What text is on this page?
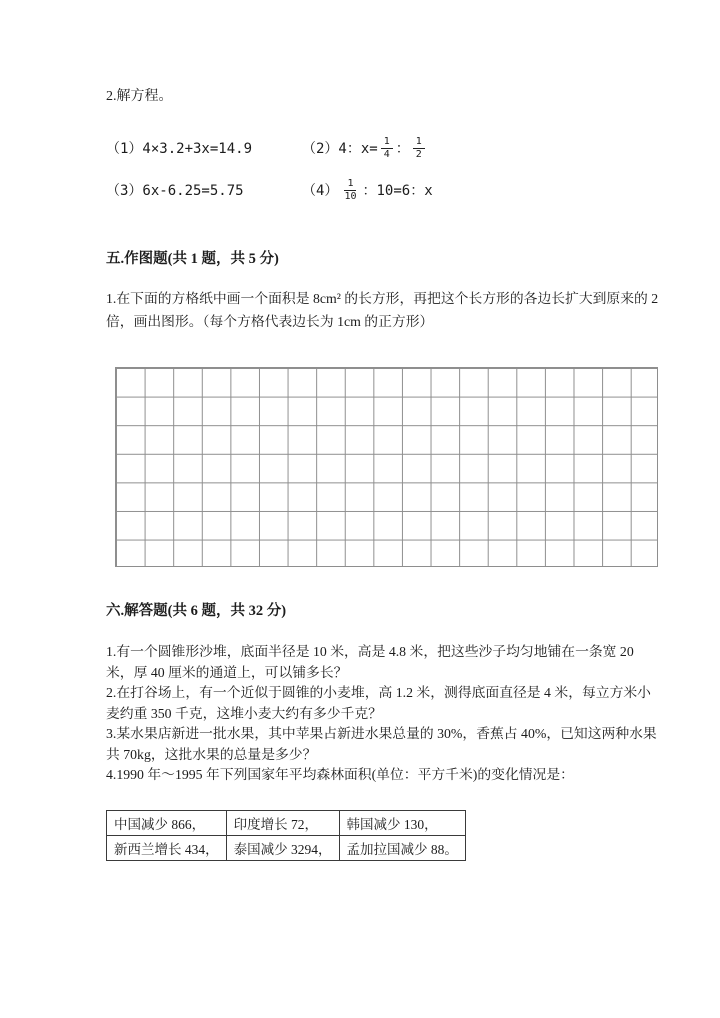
2.解方程。
（1）4×3.2+3x=14.9	（2）4：$x= \frac{1}{4}$ ： $\frac{1}{2}$
（3）6x-6.25=5.75	$(4) \frac{1}{10}$ ：10=6：x
五.作图题(共 1 题，共 5 分)

1.在下面的方格纸中画一个面积是 8cm² 的长方形，再把这个长方形的各边长扩大到原来的 2 倍，画出图形。（每个方格代表边长为 1cm 的正方形）

六.解答题(共 6 题，共 32 分)

1.有一个圆锥形沙堆，底面半径是 10 米，高是 4.8 米，把这些沙子均匀地铺在一条宽 20 米，厚 40 厘米的通道上，可以铺多长？

2.在打谷场上，有一个近似于圆锥的小麦堆，高 1.2 米，测得底面直径是 4 米，每立方米小麦约重 350 千克，这堆小麦大约有多少千克？

3.某水果店新进一批水果，其中苹果占新进水果总量的 30%，香蕉占 40%，已知这两种水果共 70kg，这批水果的总量是多少？

4.1990 年～1995 年下列国家年平均森林面积(单位：平方千米)的变化情况是：

中国减少 866，	印度增长 72，	韩国减少 130，
新西兰增长 434，	泰国减少 3294，	孟加拉国减少 88。
